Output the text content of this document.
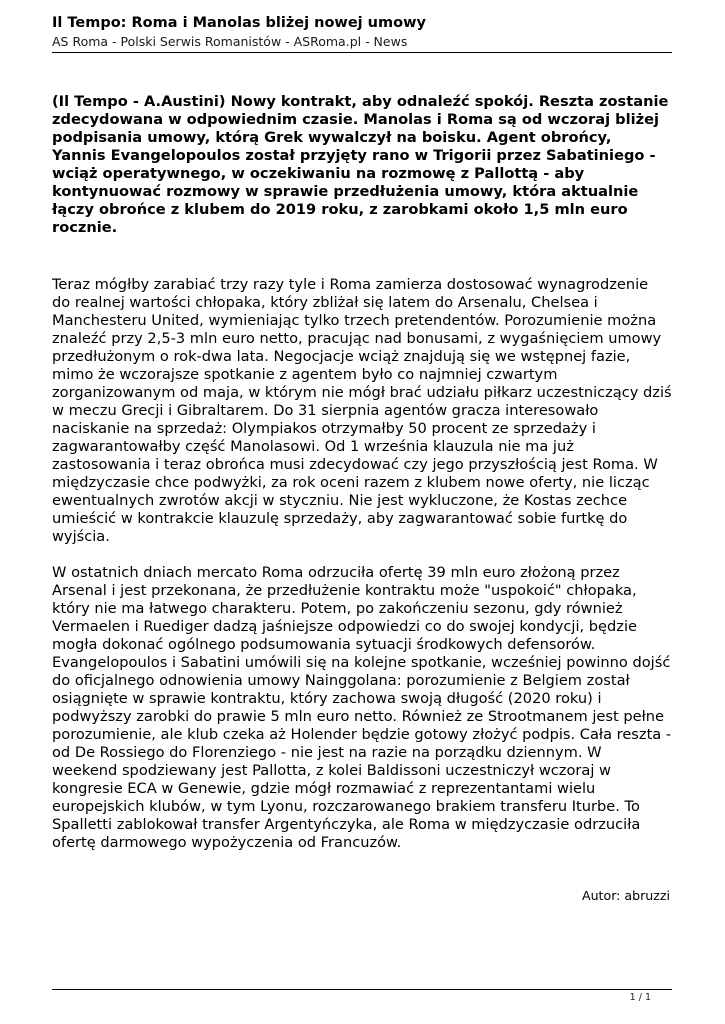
Il Tempo: Roma i Manolas bliżej nowej umowy
AS Roma - Polski Serwis Romanistów - ASRoma.pl - News
(Il Tempo - A.Austini) Nowy kontrakt, aby odnaleźć spokój. Reszta zostanie
zdecydowana w odpowiednim czasie. Manolas i Roma są od wczoraj bliżej
podpisania umowy, którą Grek wywalczył na boisku. Agent obrońcy,
Yannis Evangelopoulos został przyjęty rano w Trigorii przez Sabatiniego -
wciąż operatywnego, w oczekiwaniu na rozmowę z Pallottą - aby
kontynuować rozmowy w sprawie przedłużenia umowy, która aktualnie
łączy obrońce z klubem do 2019 roku, z zarobkami około 1,5 mln euro
rocznie.
Teraz mógłby zarabiać trzy razy tyle i Roma zamierza dostosować wynagrodzenie
do realnej wartości chłopaka, który zbliżał się latem do Arsenalu, Chelsea i
Manchesteru United, wymieniając tylko trzech pretendentów. Porozumienie można
znaleźć przy 2,5-3 mln euro netto, pracując nad bonusami, z wygaśnięciem umowy
przedłużonym o rok-dwa lata. Negocjacje wciąż znajdują się we wstępnej fazie,
mimo że wczorajsze spotkanie z agentem było co najmniej czwartym
zorganizowanym od maja, w którym nie mógł brać udziału piłkarz uczestniczący dziś
w meczu Grecji i Gibraltarem. Do 31 sierpnia agentów gracza interesowało
naciskanie na sprzedaż: Olympiakos otrzymałby 50 procent ze sprzedaży i
zagwarantowałby część Manolasowi. Od 1 września klauzula nie ma już
zastosowania i teraz obrońca musi zdecydować czy jego przyszłością jest Roma. W
międzyczasie chce podwyżki, za rok oceni razem z klubem nowe oferty, nie licząc
ewentualnych zwrotów akcji w styczniu. Nie jest wykluczone, że Kostas zechce
umieścić w kontrakcie klauzulę sprzedaży, aby zagwarantować sobie furtkę do
wyjścia.
W ostatnich dniach mercato Roma odrzuciła ofertę 39 mln euro złożoną przez
Arsenal i jest przekonana, że przedłużenie kontraktu może "uspokoić" chłopaka,
który nie ma łatwego charakteru. Potem, po zakończeniu sezonu, gdy również
Vermaelen i Ruediger dadzą jaśniejsze odpowiedzi co do swojej kondycji, będzie
mogła dokonać ogólnego podsumowania sytuacji środkowych defensorów.
Evangelopoulos i Sabatini umówili się na kolejne spotkanie, wcześniej powinno dojść
do oficjalnego odnowienia umowy Nainggolana: porozumienie z Belgiem został
osiągnięte w sprawie kontraktu, który zachowa swoją długość (2020 roku) i
podwyższy zarobki do prawie 5 mln euro netto. Również ze Strootmanem jest pełne
porozumienie, ale klub czeka aż Holender będzie gotowy złożyć podpis. Cała reszta -
od De Rossiego do Florenziego - nie jest na razie na porządku dziennym. W
weekend spodziewany jest Pallotta, z kolei Baldissoni uczestniczył wczoraj w
kongresie ECA w Genewie, gdzie mógł rozmawiać z reprezentantami wielu
europejskich klubów, w tym Lyonu, rozczarowanego brakiem transferu Iturbe. To
Spalletti zablokował transfer Argentyńczyka, ale Roma w międzyczasie odrzuciła
ofertę darmowego wypożyczenia od Francuzów.
Autor: abruzzi
1 / 1
